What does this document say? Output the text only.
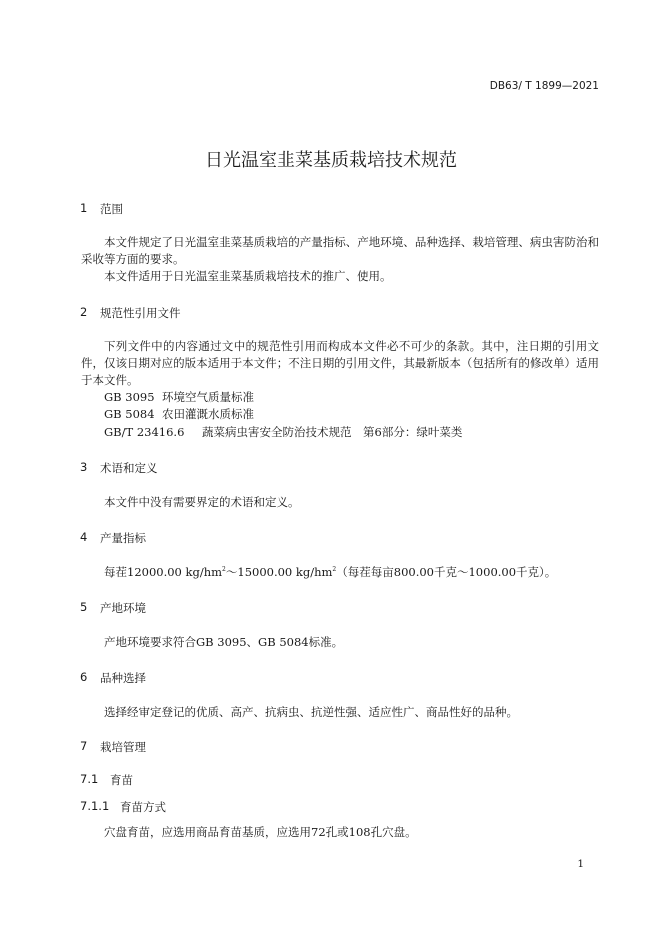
DB63/ T 1899—2021
日光温室韭菜基质栽培技术规范
1 范围
本文件规定了日光温室韭菜基质栽培的产量指标、产地环境、品种选择、栽培管理、病虫害防治和采收等方面的要求。
本文件适用于日光温室韭菜基质栽培技术的推广、使用。
2 规范性引用文件
下列文件中的内容通过文中的规范性引用而构成本文件必不可少的条款。其中，注日期的引用文件，仅该日期对应的版本适用于本文件；不注日期的引用文件，其最新版本（包括所有的修改单）适用于本文件。
GB 3095 环境空气质量标准
GB 5084 农田灌溉水质标准
GB/T 23416.6 蔬菜病虫害安全防治技术规范　第6部分：绿叶菜类
3 术语和定义
本文件中没有需要界定的术语和定义。
4 产量指标
每茬12000.00 $kg/hm^2\sim 15000.00$ $kg/hm^2$（每茬每亩800.00千克～1000.00千克）。
5 产地环境
产地环境要求符合GB 3095、GB 5084标准。
6 品种选择
选择经审定登记的优质、高产、抗病虫、抗逆性强、适应性广、商品性好的品种。
7 栽培管理
7.1 育苗
7.1.1 育苗方式
穴盘育苗，应选用商品育苗基质，应选用72孔或108孔穴盘。
1
